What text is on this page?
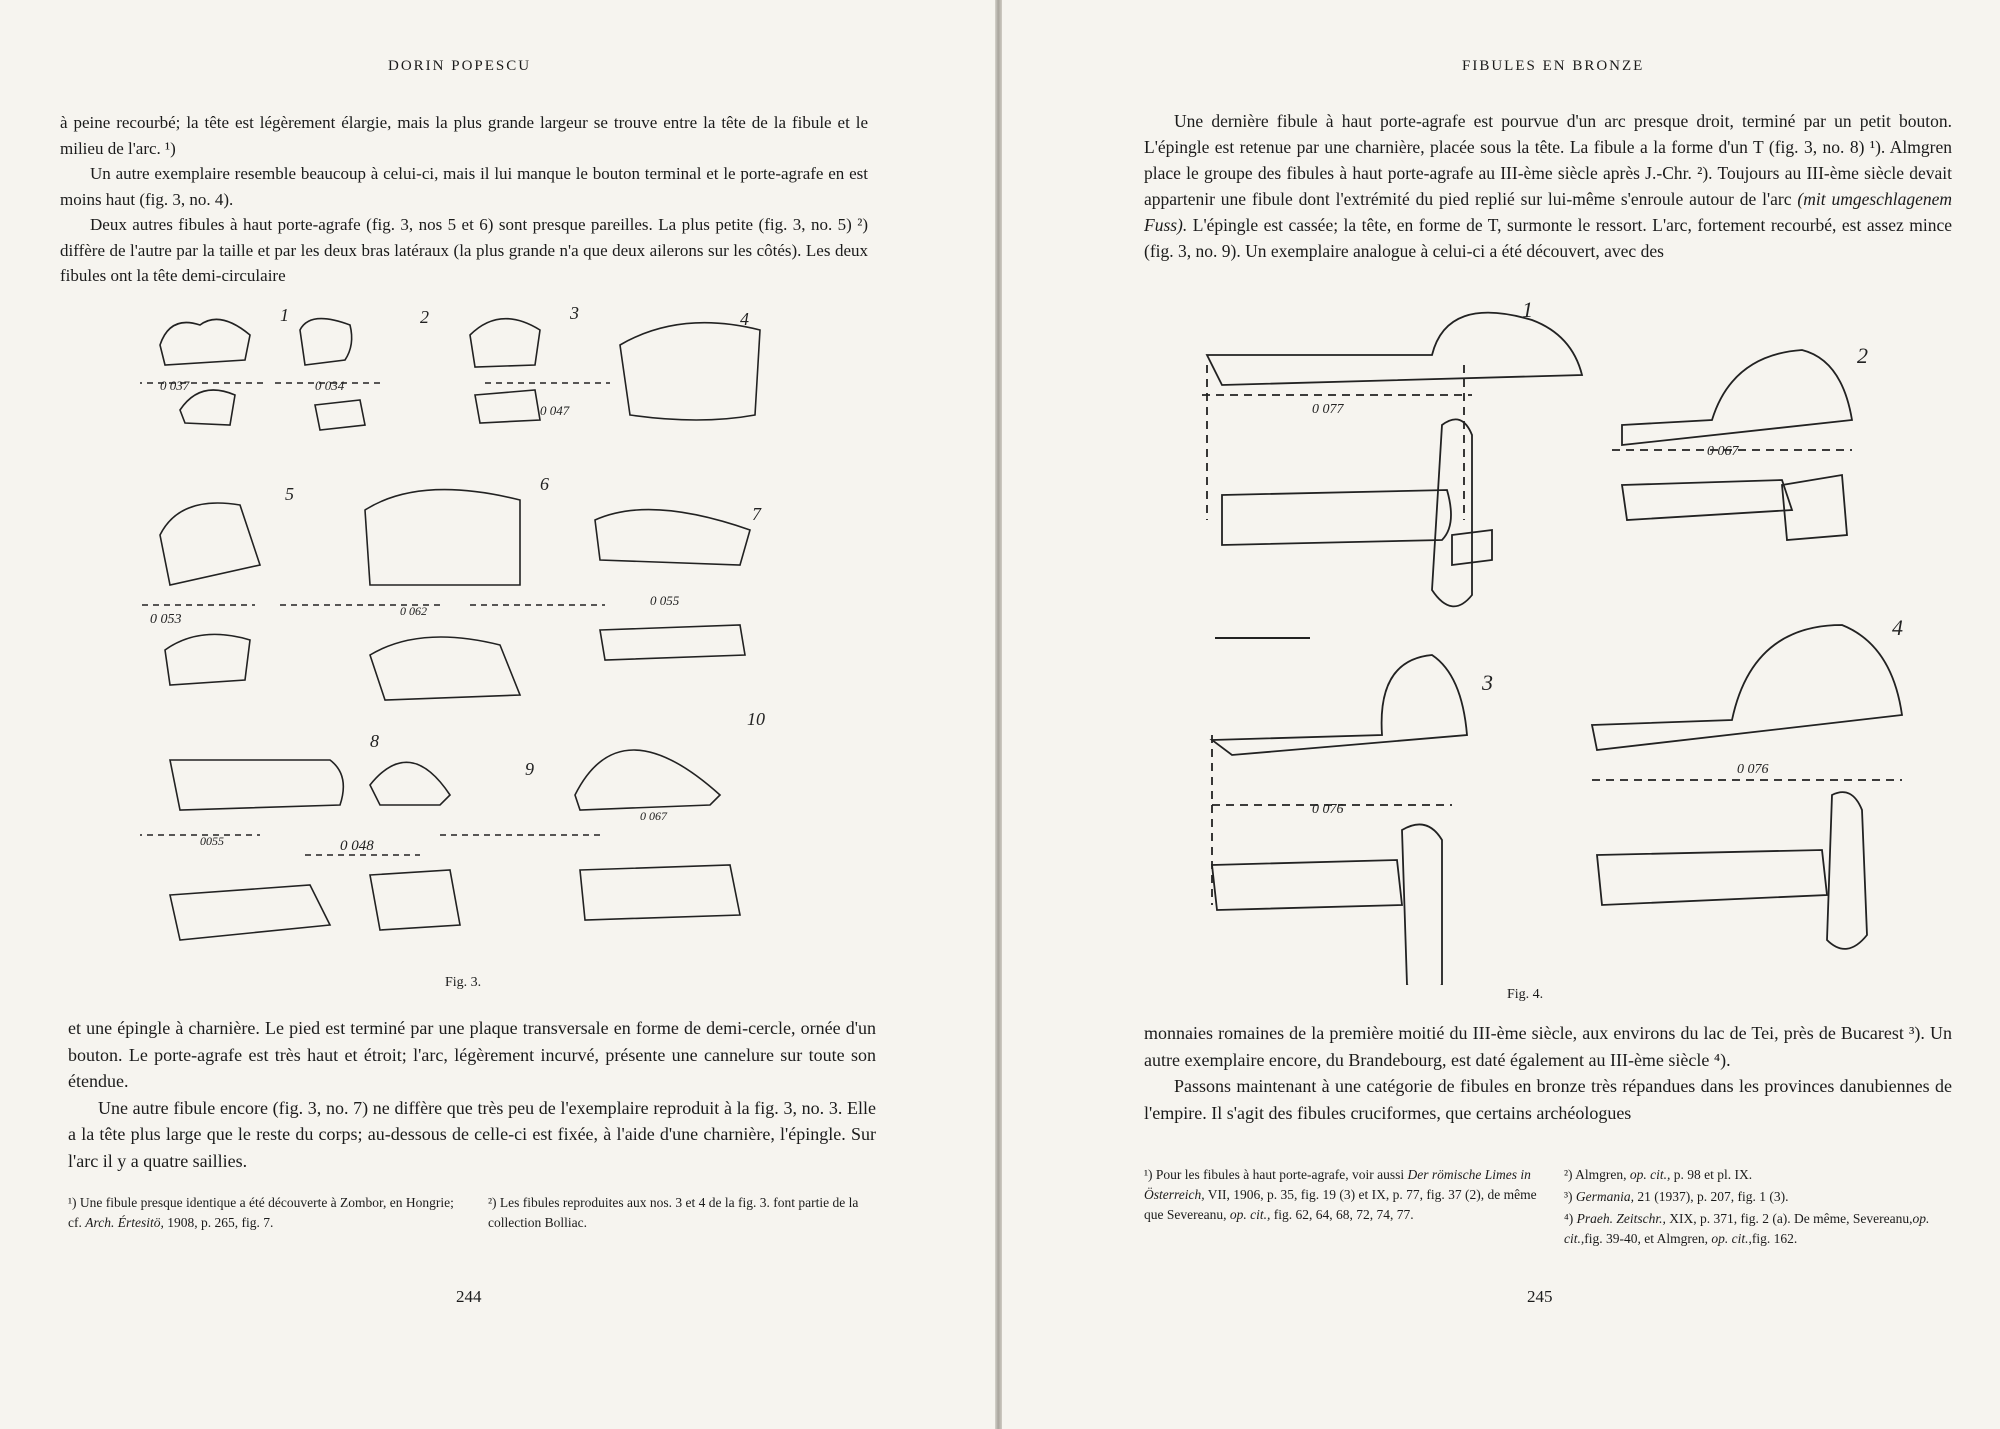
DORIN POPESCU

à peine recourbé; la tête est légèrement élargie, mais la plus grande largeur se trouve entre la tête de la fibule et le milieu de l'arc. ¹)

Un autre exemplaire resemble beaucoup à celui-ci, mais il lui manque le bouton terminal et le porte-agrafe en est moins haut (fig. 3, no. 4).

Deux autres fibules à haut porte-agrafe (fig. 3, nos 5 et 6) sont presque pareilles. La plus petite (fig. 3, no. 5) ²) diffère de l'autre par la taille et par les deux bras latéraux (la plus grande n'a que deux ailerons sur les côtés). Les deux fibules ont la tête demi-circulaire

1	2	3	4
5	6
7
8
9
10
0 037	0 034
0 047
0 053
0 062
0 055
0055	0 048
0 067
Fig. 3.

et une épingle à charnière. Le pied est terminé par une plaque transversale en forme de demi-cercle, ornée d'un bouton. Le porte-agrafe est très haut et étroit; l'arc, légèrement incurvé, présente une cannelure sur toute son étendue.

Une autre fibule encore (fig. 3, no. 7) ne diffère que très peu de l'exemplaire reproduit à la fig. 3, no. 3. Elle a la tête plus large que le reste du corps; au-dessous de celle-ci est fixée, à l'aide d'une charnière, l'épingle. Sur l'arc il y a quatre saillies.

¹) Une fibule presque identique a été découverte à Zombor, en Hongrie; cf. Arch. Értesitö, 1908, p. 265, fig. 7.

²) Les fibules reproduites aux nos. 3 et 4 de la fig. 3. font partie de la collection Bolliac.

244
FIBULES EN BRONZE

Une dernière fibule à haut porte-agrafe est pourvue d'un arc presque droit, terminé par un petit bouton. L'épingle est retenue par une charnière, placée sous la tête. La fibule a la forme d'un T (fig. 3, no. 8) ¹). Almgren place le groupe des fibules à haut porte-agrafe au III-ème siècle après J.-Chr. ²). Toujours au III-ème siècle devait appartenir une fibule dont l'extrémité du pied replié sur lui-même s'enroule autour de l'arc (mit umgeschlagenem Fuss). L'épingle est cassée; la tête, en forme de T, surmonte le ressort. L'arc, fortement recourbé, est assez mince (fig. 3, no. 9). Un exemplaire analogue à celui-ci a été découvert, avec des

1
2
3
4
0 077
0 067
0 076
0 076
Fig. 4.

monnaies romaines de la première moitié du III-ème siècle, aux environs du lac de Tei, près de Bucarest ³). Un autre exemplaire encore, du Brandebourg, est daté également au III-ème siècle ⁴).

Passons maintenant à une catégorie de fibules en bronze très répandues dans les provinces danubiennes de l'empire. Il s'agit des fibules cruciformes, que certains archéologues

¹) Pour les fibules à haut porte-agrafe, voir aussi Der römische Limes in Österreich, VII, 1906, p. 35, fig. 19 (3) et IX, p. 77, fig. 37 (2), de même que Severeanu, op. cit., fig. 62, 64, 68, 72, 74, 77.

²) Almgren, op. cit., p. 98 et pl. IX.

³) Germania, 21 (1937), p. 207, fig. 1 (3).

⁴) Praeh. Zeitschr., XIX, p. 371, fig. 2 (a). De même, Severeanu,op. cit.,fig. 39-40, et Almgren, op. cit.,fig. 162.

245
